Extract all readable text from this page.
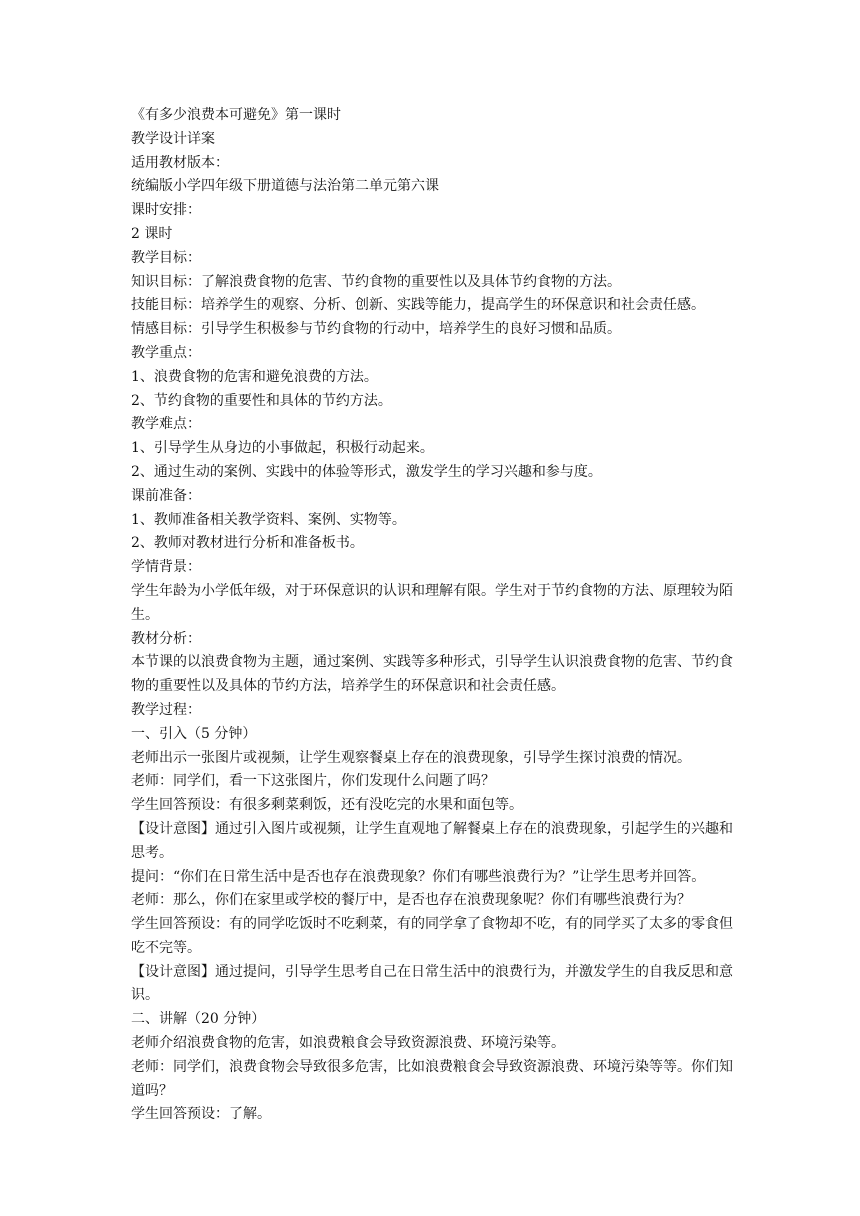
《有多少浪费本可避免》第一课时

教学设计详案

适用教材版本：

统编版小学四年级下册道德与法治第二单元第六课

课时安排：

2 课时

教学目标：

知识目标：了解浪费食物的危害、节约食物的重要性以及具体节约食物的方法。

技能目标：培养学生的观察、分析、创新、实践等能力，提高学生的环保意识和社会责任感。

情感目标：引导学生积极参与节约食物的行动中，培养学生的良好习惯和品质。

教学重点：

1、浪费食物的危害和避免浪费的方法。

2、节约食物的重要性和具体的节约方法。

教学难点：

1、引导学生从身边的小事做起，积极行动起来。

2、通过生动的案例、实践中的体验等形式，激发学生的学习兴趣和参与度。

课前准备：

1、教师准备相关教学资料、案例、实物等。

2、教师对教材进行分析和准备板书。

学情背景：

学生年龄为小学低年级，对于环保意识的认识和理解有限。学生对于节约食物的方法、原理较为陌生。

教材分析：

本节课的以浪费食物为主题，通过案例、实践等多种形式，引导学生认识浪费食物的危害、节约食物的重要性以及具体的节约方法，培养学生的环保意识和社会责任感。

教学过程：

一、引入（5 分钟）

老师出示一张图片或视频，让学生观察餐桌上存在的浪费现象，引导学生探讨浪费的情况。

老师：同学们，看一下这张图片，你们发现什么问题了吗？

学生回答预设：有很多剩菜剩饭，还有没吃完的水果和面包等。

【设计意图】通过引入图片或视频，让学生直观地了解餐桌上存在的浪费现象，引起学生的兴趣和思考。

提问：“你们在日常生活中是否也存在浪费现象？你们有哪些浪费行为？”让学生思考并回答。

老师：那么，你们在家里或学校的餐厅中，是否也存在浪费现象呢？你们有哪些浪费行为？

学生回答预设：有的同学吃饭时不吃剩菜，有的同学拿了食物却不吃，有的同学买了太多的零食但吃不完等。

【设计意图】通过提问，引导学生思考自己在日常生活中的浪费行为，并激发学生的自我反思和意识。

二、讲解（20 分钟）

老师介绍浪费食物的危害，如浪费粮食会导致资源浪费、环境污染等。

老师：同学们，浪费食物会导致很多危害，比如浪费粮食会导致资源浪费、环境污染等等。你们知道吗？

学生回答预设：了解。
